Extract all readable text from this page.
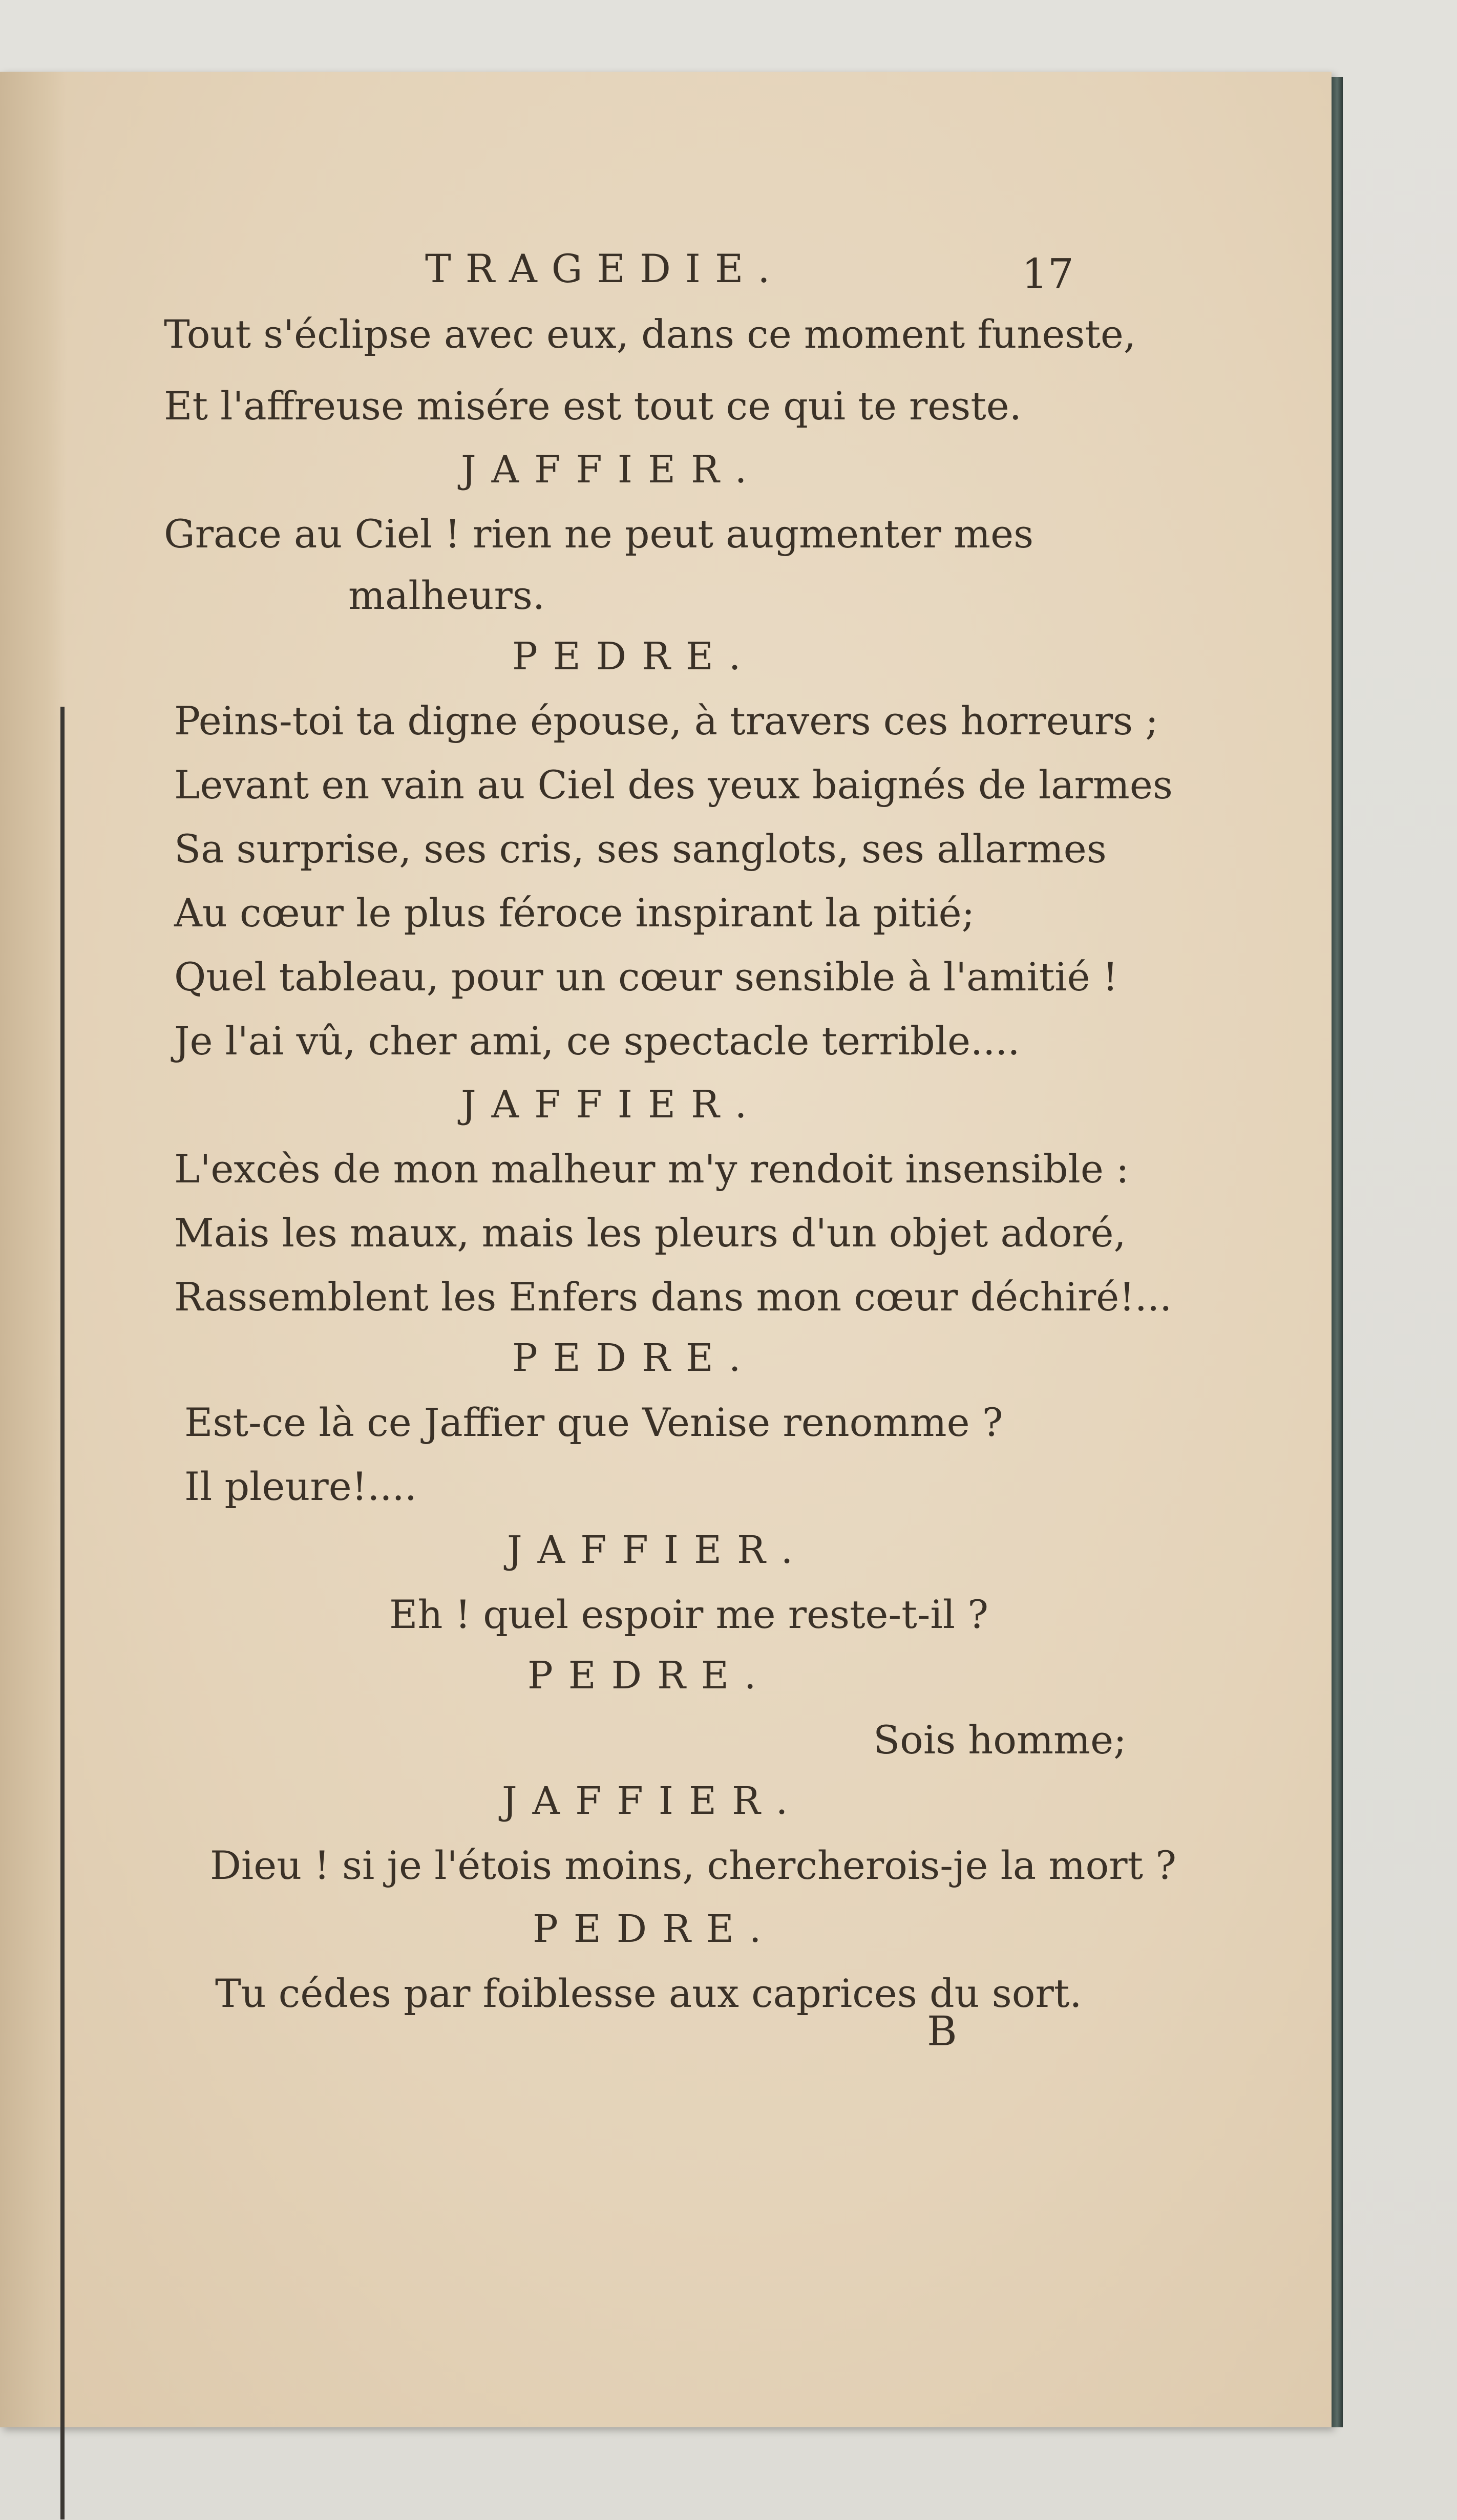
TRAGEDIE.	17
Tout s'éclipse avec eux, dans ce moment funeste,
Et l'affreuse misére est tout ce qui te reste.
JAFFIER.
Grace au Ciel ! rien ne peut augmenter mes
malheurs.
PEDRE.
Peins-toi ta digne épouse, à travers ces horreurs ;
Levant en vain au Ciel des yeux baignés de larmes
Sa surprise, ses cris, ses sanglots, ses allarmes
Au cœur le plus féroce inspirant la pitié;
Quel tableau, pour un cœur sensible à l'amitié !
Je l'ai vû, cher ami, ce spectacle terrible....
JAFFIER.
L'excès de mon malheur m'y rendoit insensible :
Mais les maux, mais les pleurs d'un objet adoré,
Rassemblent les Enfers dans mon cœur déchiré!...
PEDRE.
Est-ce là ce Jaffier que Venise renomme ?
Il pleure!....
JAFFIER.
Eh ! quel espoir me reste-t-il ?
PEDRE.
Sois homme;
JAFFIER.
Dieu ! si je l'étois moins, chercherois-je la mort ?
PEDRE.
Tu cédes par foiblesse aux caprices du sort.
B
